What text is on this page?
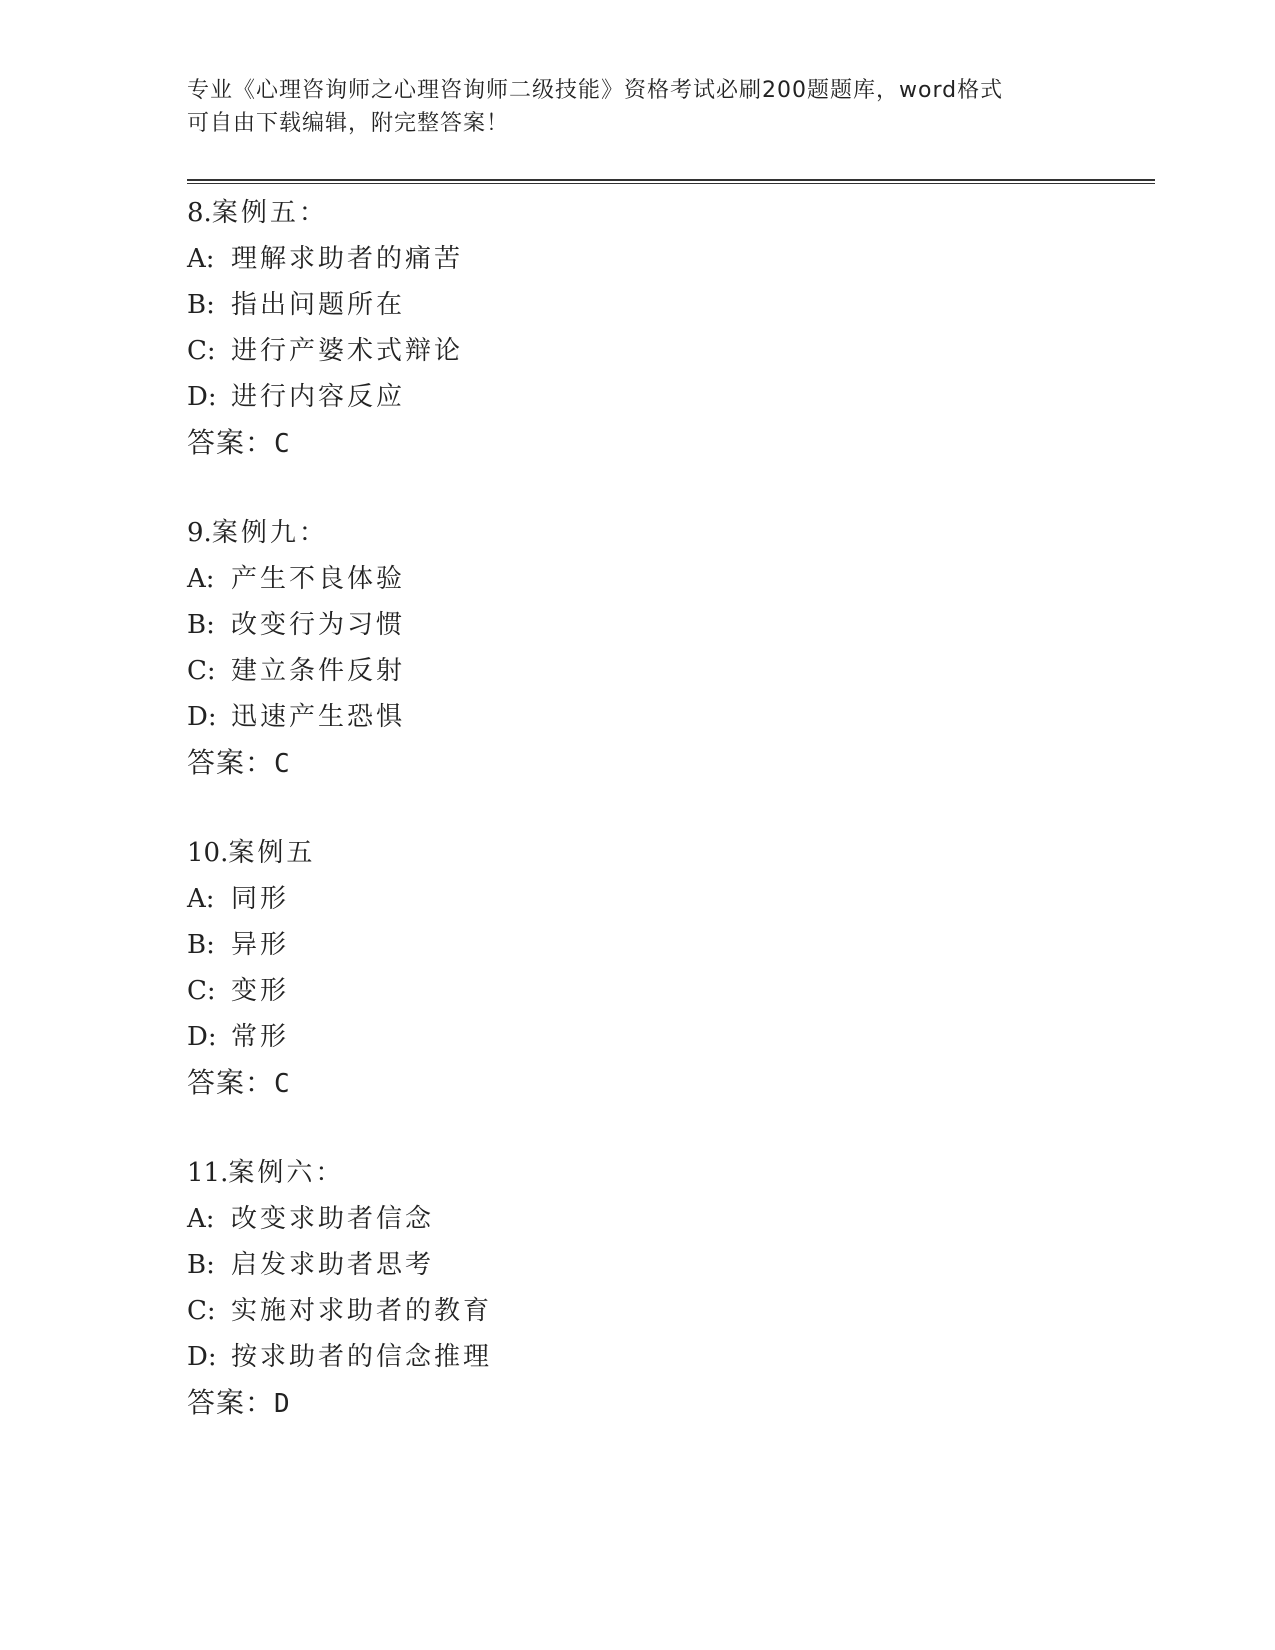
专业《心理咨询师之心理咨询师二级技能》资格考试必刷200题题库，word格式
可自由下载编辑，附完整答案！
8.案例五：
A: 理解求助者的痛苦
B: 指出问题所在
C: 进行产婆术式辩论
D: 进行内容反应
答案：C
9.案例九：
A: 产生不良体验
B: 改变行为习惯
C: 建立条件反射
D: 迅速产生恐惧
答案：C
10.案例五
A: 同形
B: 异形
C: 变形
D: 常形
答案：C
11.案例六：
A: 改变求助者信念
B: 启发求助者思考
C: 实施对求助者的教育
D: 按求助者的信念推理
答案：D
